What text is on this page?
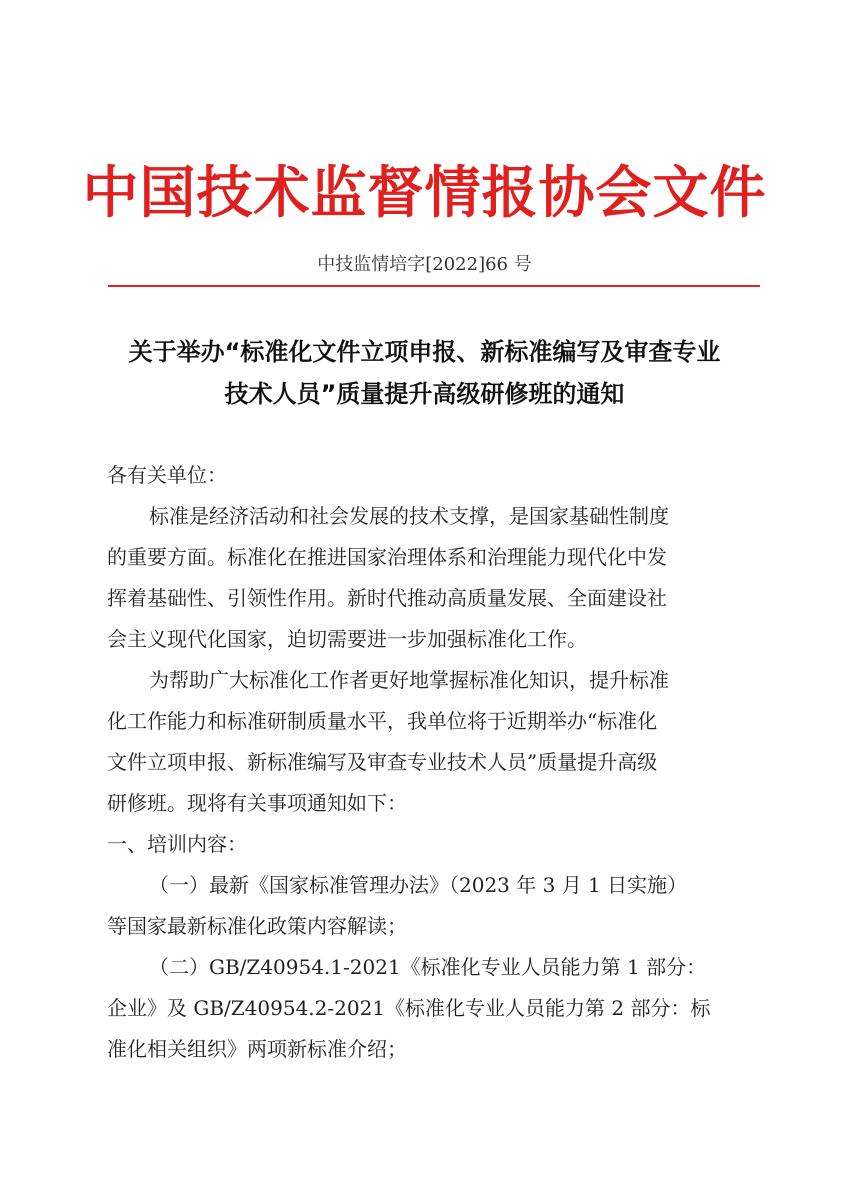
中国技术监督情报协会文件
中技监情培字[2022]66 号
关于举办“标准化文件立项申报、新标准编写及审查专业
技术人员”质量提升高级研修班的通知
各有关单位：
标准是经济活动和社会发展的技术支撑，是国家基础性制度
的重要方面。标准化在推进国家治理体系和治理能力现代化中发
挥着基础性、引领性作用。新时代推动高质量发展、全面建设社
会主义现代化国家，迫切需要进一步加强标准化工作。
为帮助广大标准化工作者更好地掌握标准化知识，提升标准
化工作能力和标准研制质量水平，我单位将于近期举办“标准化
文件立项申报、新标准编写及审查专业技术人员”质量提升高级
研修班。现将有关事项通知如下：
一、培训内容：
（一）最新《国家标准管理办法》（2023 年 3 月 1 日实施）
等国家最新标准化政策内容解读；
（二）GB/Z40954.1-2021《标准化专业人员能力第 1 部分：
企业》及 GB/Z40954.2-2021《标准化专业人员能力第 2 部分：标
准化相关组织》两项新标准介绍；
